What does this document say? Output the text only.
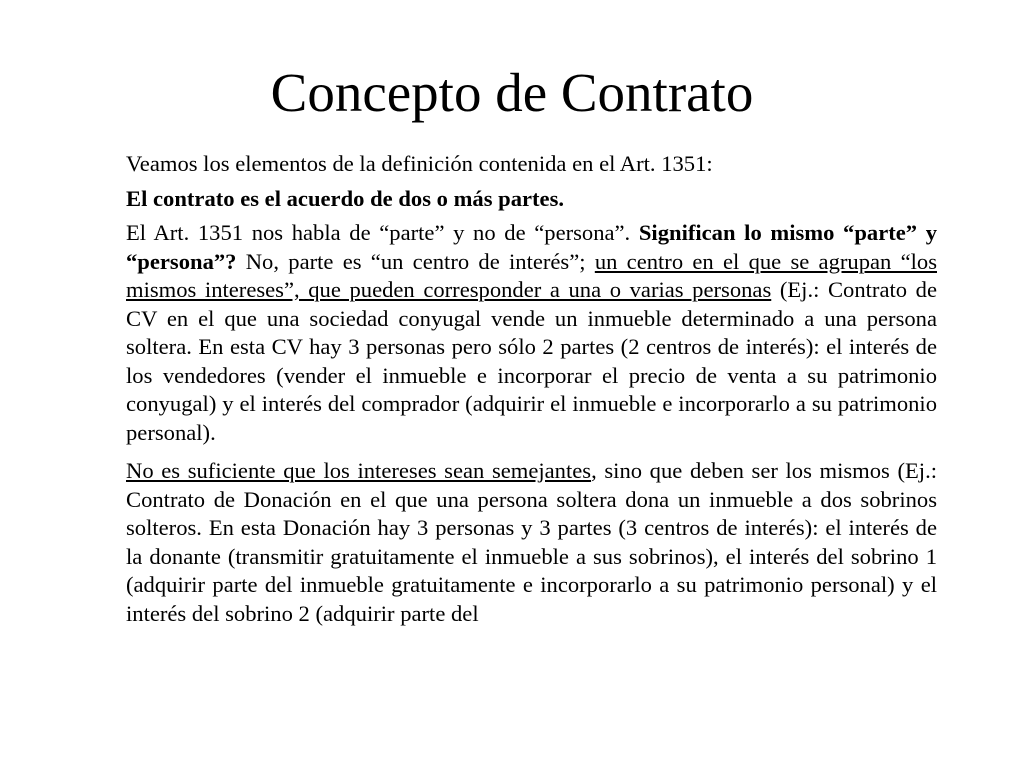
Concepto de Contrato

Veamos los elementos de la definición contenida en el Art. 1351:

El contrato es el acuerdo de dos o más partes.

El Art. 1351 nos habla de “parte” y no de “persona”. Significan lo mismo “parte” y “persona”? No, parte es “un centro de interés”; un centro en el que se agrupan “los mismos intereses”, que pueden corresponder a una o varias personas (Ej.: Contrato de CV en el que una sociedad conyugal vende un inmueble determinado a una persona soltera. En esta CV hay 3 personas pero sólo 2 partes (2 centros de interés): el interés de los vendedores (vender el inmueble e incorporar el precio de venta a su patrimonio conyugal) y el interés del comprador (adquirir el inmueble e incorporarlo a su patrimonio personal).

No es suficiente que los intereses sean semejantes, sino que deben ser los mismos (Ej.: Contrato de Donación en el que una persona soltera dona un inmueble a dos sobrinos solteros. En esta Donación hay 3 personas y 3 partes (3 centros de interés): el interés de la donante (transmitir gratuitamente el inmueble a sus sobrinos), el interés del sobrino 1 (adquirir parte del inmueble gratuitamente e incorporarlo a su patrimonio personal) y el interés del sobrino 2 (adquirir parte del
